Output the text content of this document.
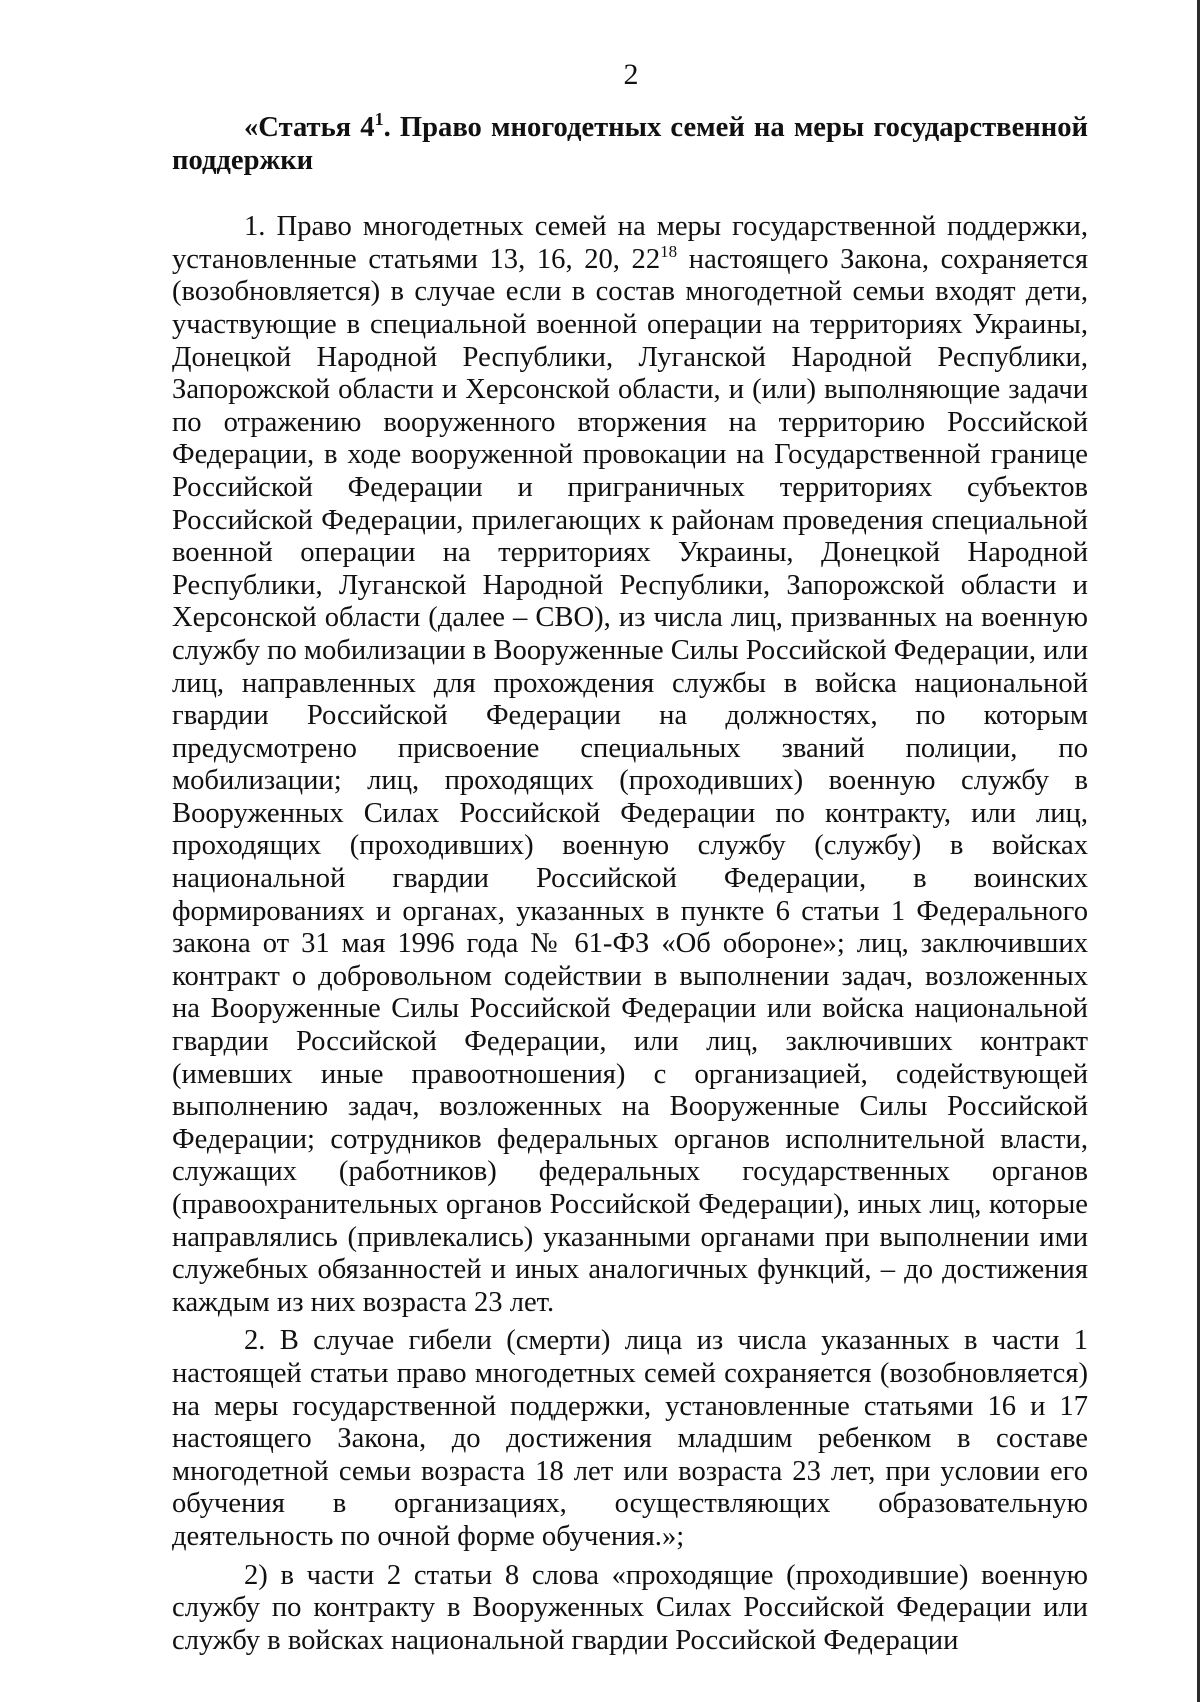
2

«Статья $4^1$. Право многодетных семей на меры государственной поддержки

1. Право многодетных семей на меры государственной поддержки, установленные статьями 13, 16, 20, $22^{18}$ настоящего Закона, сохраняется (возобновляется) в случае если в состав многодетной семьи входят дети, участвующие в специальной военной операции на территориях Украины, Донецкой Народной Республики, Луганской Народной Республики, Запорожской области и Херсонской области, и (или) выполняющие задачи по отражению вооруженного вторжения на территорию Российской Федерации, в ходе вооруженной провокации на Государственной границе Российской Федерации и приграничных территориях субъектов Российской Федерации, прилегающих к районам проведения специальной военной операции на территориях Украины, Донецкой Народной Республики, Луганской Народной Республики, Запорожской области и Херсонской области (далее – СВО), из числа лиц, призванных на военную службу по мобилизации в Вооруженные Силы Российской Федерации, или лиц, направленных для прохождения службы в войска национальной гвардии Российской Федерации на должностях, по которым предусмотрено присвоение специальных званий полиции, по мобилизации; лиц, проходящих (проходивших) военную службу в Вооруженных Силах Российской Федерации по контракту, или лиц, проходящих (проходивших) военную службу (службу) в войсках национальной гвардии Российской Федерации, в воинских формированиях и органах, указанных в пункте 6 статьи 1 Федерального закона от 31 мая 1996 года № 61-ФЗ «Об обороне»; лиц, заключивших контракт о добровольном содействии в выполнении задач, возложенных на Вооруженные Силы Российской Федерации или войска национальной гвардии Российской Федерации, или лиц, заключивших контракт (имевших иные правоотношения) с организацией, содействующей выполнению задач, возложенных на Вооруженные Силы Российской Федерации; сотрудников федеральных органов исполнительной власти, служащих (работников) федеральных государственных органов (правоохранительных органов Российской Федерации), иных лиц, которые направлялись (привлекались) указанными органами при выполнении ими служебных обязанностей и иных аналогичных функций, – до достижения каждым из них возраста 23 лет.

2. В случае гибели (смерти) лица из числа указанных в части 1 настоящей статьи право многодетных семей сохраняется (возобновляется) на меры государственной поддержки, установленные статьями 16 и 17 настоящего Закона, до достижения младшим ребенком в составе многодетной семьи возраста 18 лет или возраста 23 лет, при условии его обучения в организациях, осуществляющих образовательную деятельность по очной форме обучения.»;

2) в части 2 статьи 8 слова «проходящие (проходившие) военную службу по контракту в Вооруженных Силах Российской Федерации или службу в войсках национальной гвардии Российской Федерации
